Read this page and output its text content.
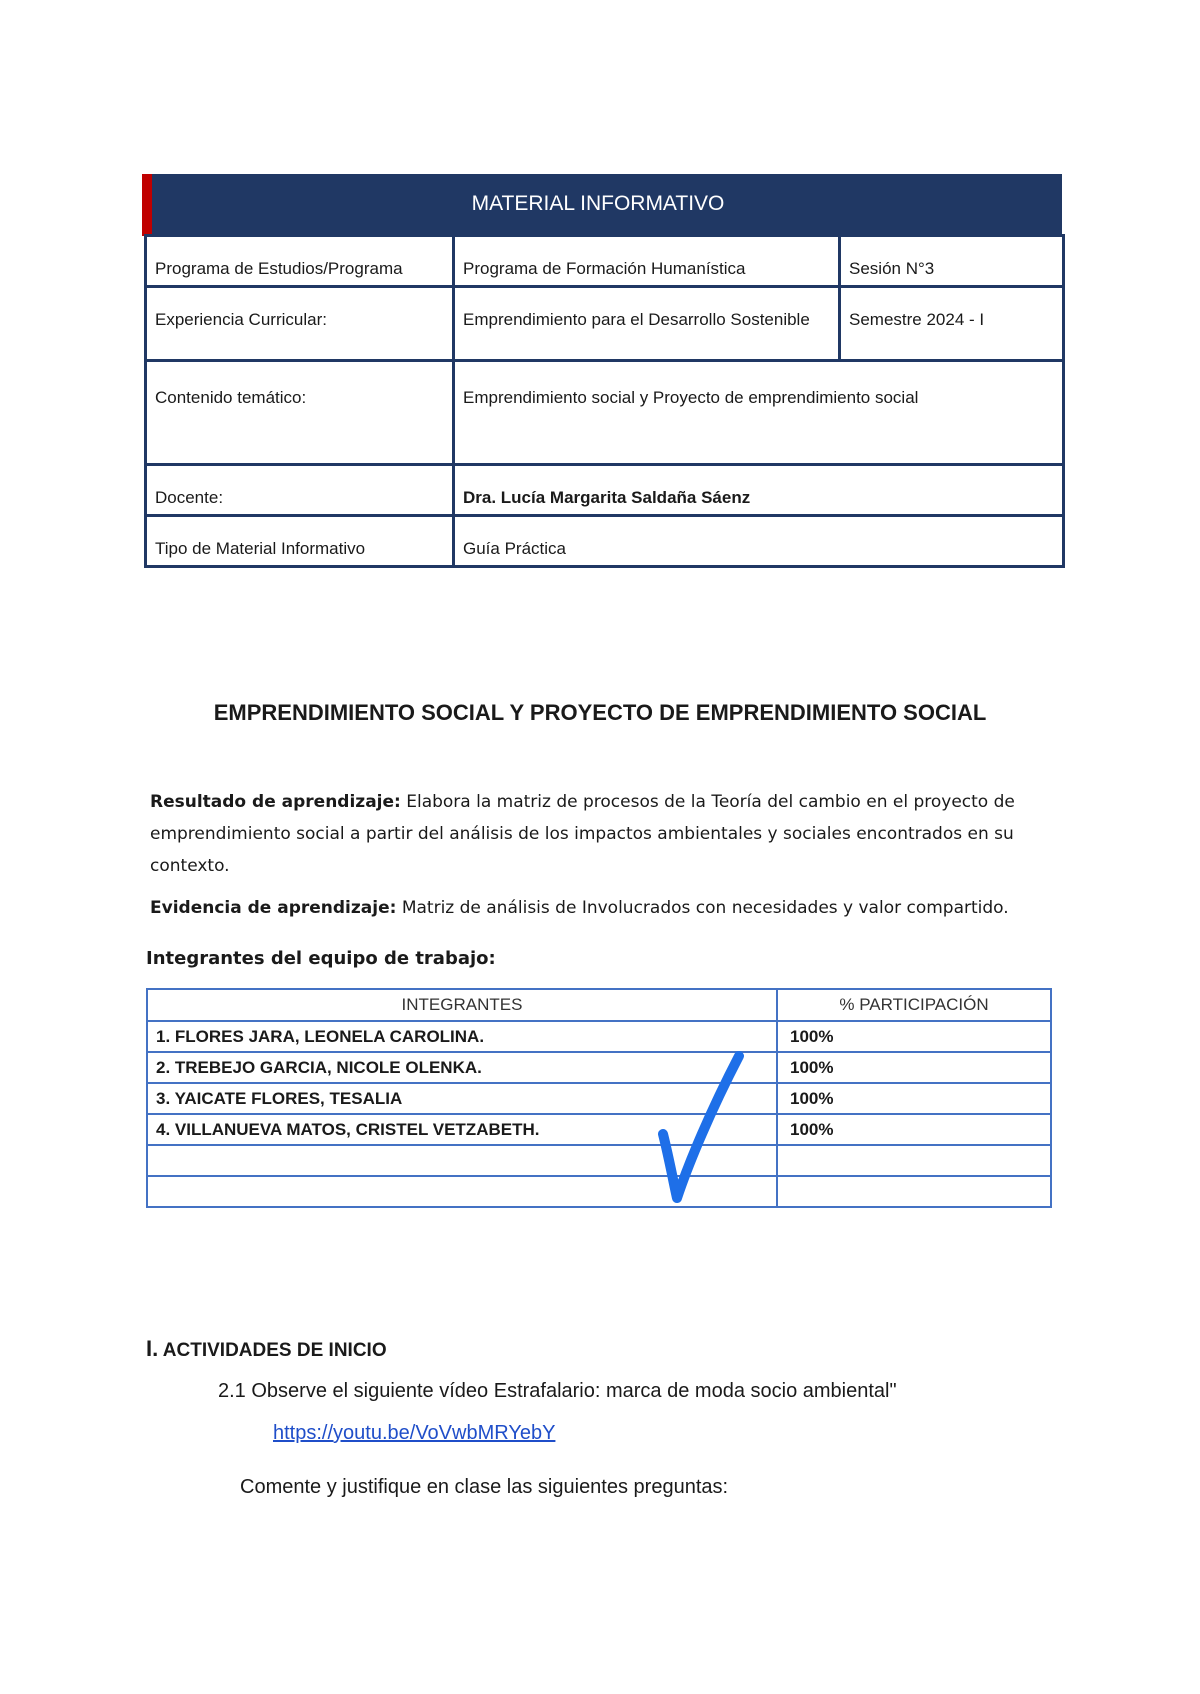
MATERIAL INFORMATIVO
Programa de Estudios/Programa	Programa de Formación Humanística	Sesión N°3
Experiencia Curricular:	Emprendimiento para el Desarrollo Sostenible	Semestre 2024 - I
Contenido temático:	Emprendimiento social y Proyecto de emprendimiento social	
Docente:	Dra. Lucía Margarita Saldaña Sáenz	
Tipo de Material Informativo	Guía Práctica	
EMPRENDIMIENTO SOCIAL Y PROYECTO DE EMPRENDIMIENTO SOCIAL
Resultado de aprendizaje: Elabora la matriz de procesos de la Teoría del cambio en el proyecto de emprendimiento social a partir del análisis de los impactos ambientales y sociales encontrados en su contexto.
Evidencia de aprendizaje: Matriz de análisis de Involucrados con necesidades y valor compartido.
Integrantes del equipo de trabajo:
INTEGRANTES	% PARTICIPACIÓN
1. FLORES JARA, LEONELA CAROLINA.	100%
2. TREBEJO GARCIA, NICOLE OLENKA.	100%
3. YAICATE FLORES, TESALIA	100%
4. VILLANUEVA MATOS, CRISTEL VETZABETH.	100%

I. ACTIVIDADES DE INICIO
2.1 Observe el siguiente vídeo Estrafalario: marca de moda socio ambiental"
https://youtu.be/VoVwbMRYebY
Comente y justifique en clase las siguientes preguntas:
